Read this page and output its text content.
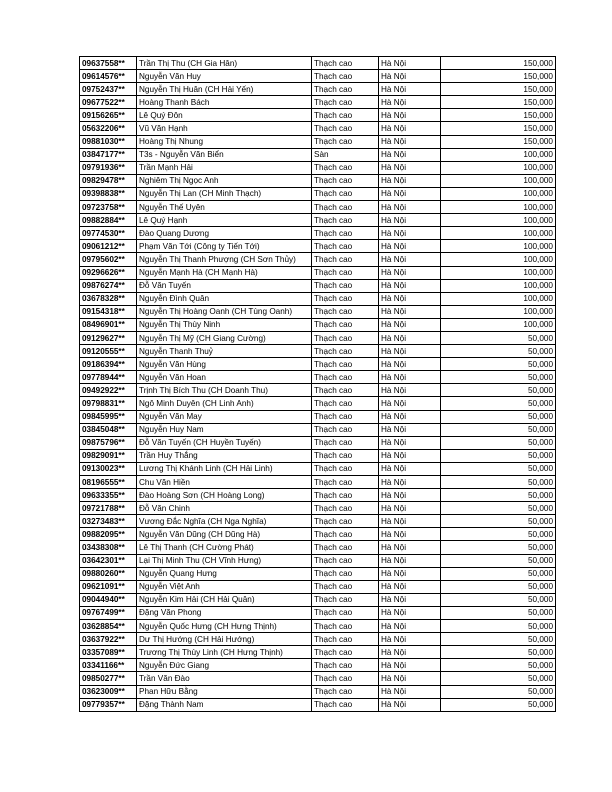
09637558**	Trần Thị Thu (CH Gia Hân)	Thạch cao	Hà Nội	150,000
09614576**	Nguyễn Văn Huy	Thạch cao	Hà Nội	150,000
09752437**	Nguyễn Thị Huân (CH Hải Yến)	Thạch cao	Hà Nội	150,000
09677522**	Hoàng Thanh Bách	Thạch cao	Hà Nội	150,000
09156265**	Lê Quý Đôn	Thạch cao	Hà Nội	150,000
05632206**	Vũ Văn Hạnh	Thạch cao	Hà Nội	150,000
09881030**	Hoàng Thị Nhung	Thạch cao	Hà Nội	150,000
03847177**	T3s - Nguyễn Văn Biển	Sàn	Hà Nội	100,000
09791936**	Trần Mạnh Hải	Thạch cao	Hà Nội	100,000
09829478**	Nghiêm Thị Ngọc Anh	Thạch cao	Hà Nội	100,000
09398838**	Nguyễn Thị Lan (CH Minh Thạch)	Thạch cao	Hà Nội	100,000
09723758**	Nguyễn Thế Uyên	Thạch cao	Hà Nội	100,000
09882884**	Lê Quý Hạnh	Thạch cao	Hà Nội	100,000
09774530**	Đào Quang Dương	Thạch cao	Hà Nội	100,000
09061212**	Phạm Văn Tới (Công ty Tiến Tới)	Thạch cao	Hà Nội	100,000
09795602**	Nguyễn Thị Thanh Phượng (CH Sơn Thủy)	Thạch cao	Hà Nội	100,000
09296626**	Nguyễn Mạnh Hà (CH Mạnh Hà)	Thạch cao	Hà Nội	100,000
09876274**	Đỗ Văn Tuyến	Thạch cao	Hà Nội	100,000
03678328**	Nguyễn Đình Quân	Thạch cao	Hà Nội	100,000
09154318**	Nguyễn Thị Hoàng Oanh (CH Tùng Oanh)	Thạch cao	Hà Nội	100,000
08496901**	Nguyễn Thị Thùy Ninh	Thạch cao	Hà Nội	100,000
09129627**	Nguyễn Thị Mỹ (CH Giang Cường)	Thạch cao	Hà Nội	50,000
09120555**	Nguyễn Thanh Thuỷ	Thạch cao	Hà Nội	50,000
09186394**	Nguyễn Văn Hùng	Thạch cao	Hà Nội	50,000
09778944**	Nguyễn Văn Hoan	Thạch cao	Hà Nội	50,000
09492922**	Trịnh Thị Bích Thu (CH Doanh Thu)	Thạch cao	Hà Nội	50,000
09798831**	Ngô Minh Duyên (CH Linh Anh)	Thạch cao	Hà Nội	50,000
09845995**	Nguyễn Văn May	Thạch cao	Hà Nội	50,000
03845048**	Nguyễn Huy Nam	Thạch cao	Hà Nội	50,000
09875796**	Đỗ Văn Tuyến (CH Huyền Tuyến)	Thạch cao	Hà Nội	50,000
09829091**	Trần Huy Thắng	Thạch cao	Hà Nội	50,000
09130023**	Lương Thị Khánh Linh (CH Hải Linh)	Thạch cao	Hà Nội	50,000
08196555**	Chu Văn Hiền	Thạch cao	Hà Nội	50,000
09633355**	Đào Hoàng Sơn (CH Hoàng Long)	Thạch cao	Hà Nội	50,000
09721788**	Đỗ Văn Chinh	Thạch cao	Hà Nội	50,000
03273483**	Vương Đắc Nghĩa (CH Nga Nghĩa)	Thạch cao	Hà Nội	50,000
09882095**	Nguyễn Văn Dũng (CH Dũng Hà)	Thạch cao	Hà Nội	50,000
03438308**	Lê Thị Thanh (CH Cường Phát)	Thạch cao	Hà Nội	50,000
03642301**	Lại Thị Minh Thu (CH Vĩnh Hưng)	Thạch cao	Hà Nội	50,000
09880260**	Nguyễn Quang Hưng	Thạch cao	Hà Nội	50,000
09621091**	Nguyễn Việt Anh	Thạch cao	Hà Nội	50,000
09044940**	Nguyễn Kim Hải (CH Hải Quân)	Thạch cao	Hà Nội	50,000
09767499**	Đặng Văn Phong	Thạch cao	Hà Nội	50,000
03628854**	Nguyễn Quốc Hưng (CH Hưng Thịnh)	Thạch cao	Hà Nội	50,000
03637922**	Dư Thị Hướng (CH Hải Hướng)	Thạch cao	Hà Nội	50,000
03357089**	Trương Thị Thùy Linh (CH Hưng Thịnh)	Thạch cao	Hà Nội	50,000
03341166**	Nguyễn Đức Giang	Thạch cao	Hà Nội	50,000
09850277**	Trần Văn Đào	Thạch cao	Hà Nội	50,000
03623009**	Phan Hữu Bằng	Thạch cao	Hà Nội	50,000
09779357**	Đặng Thành Nam	Thạch cao	Hà Nội	50,000
